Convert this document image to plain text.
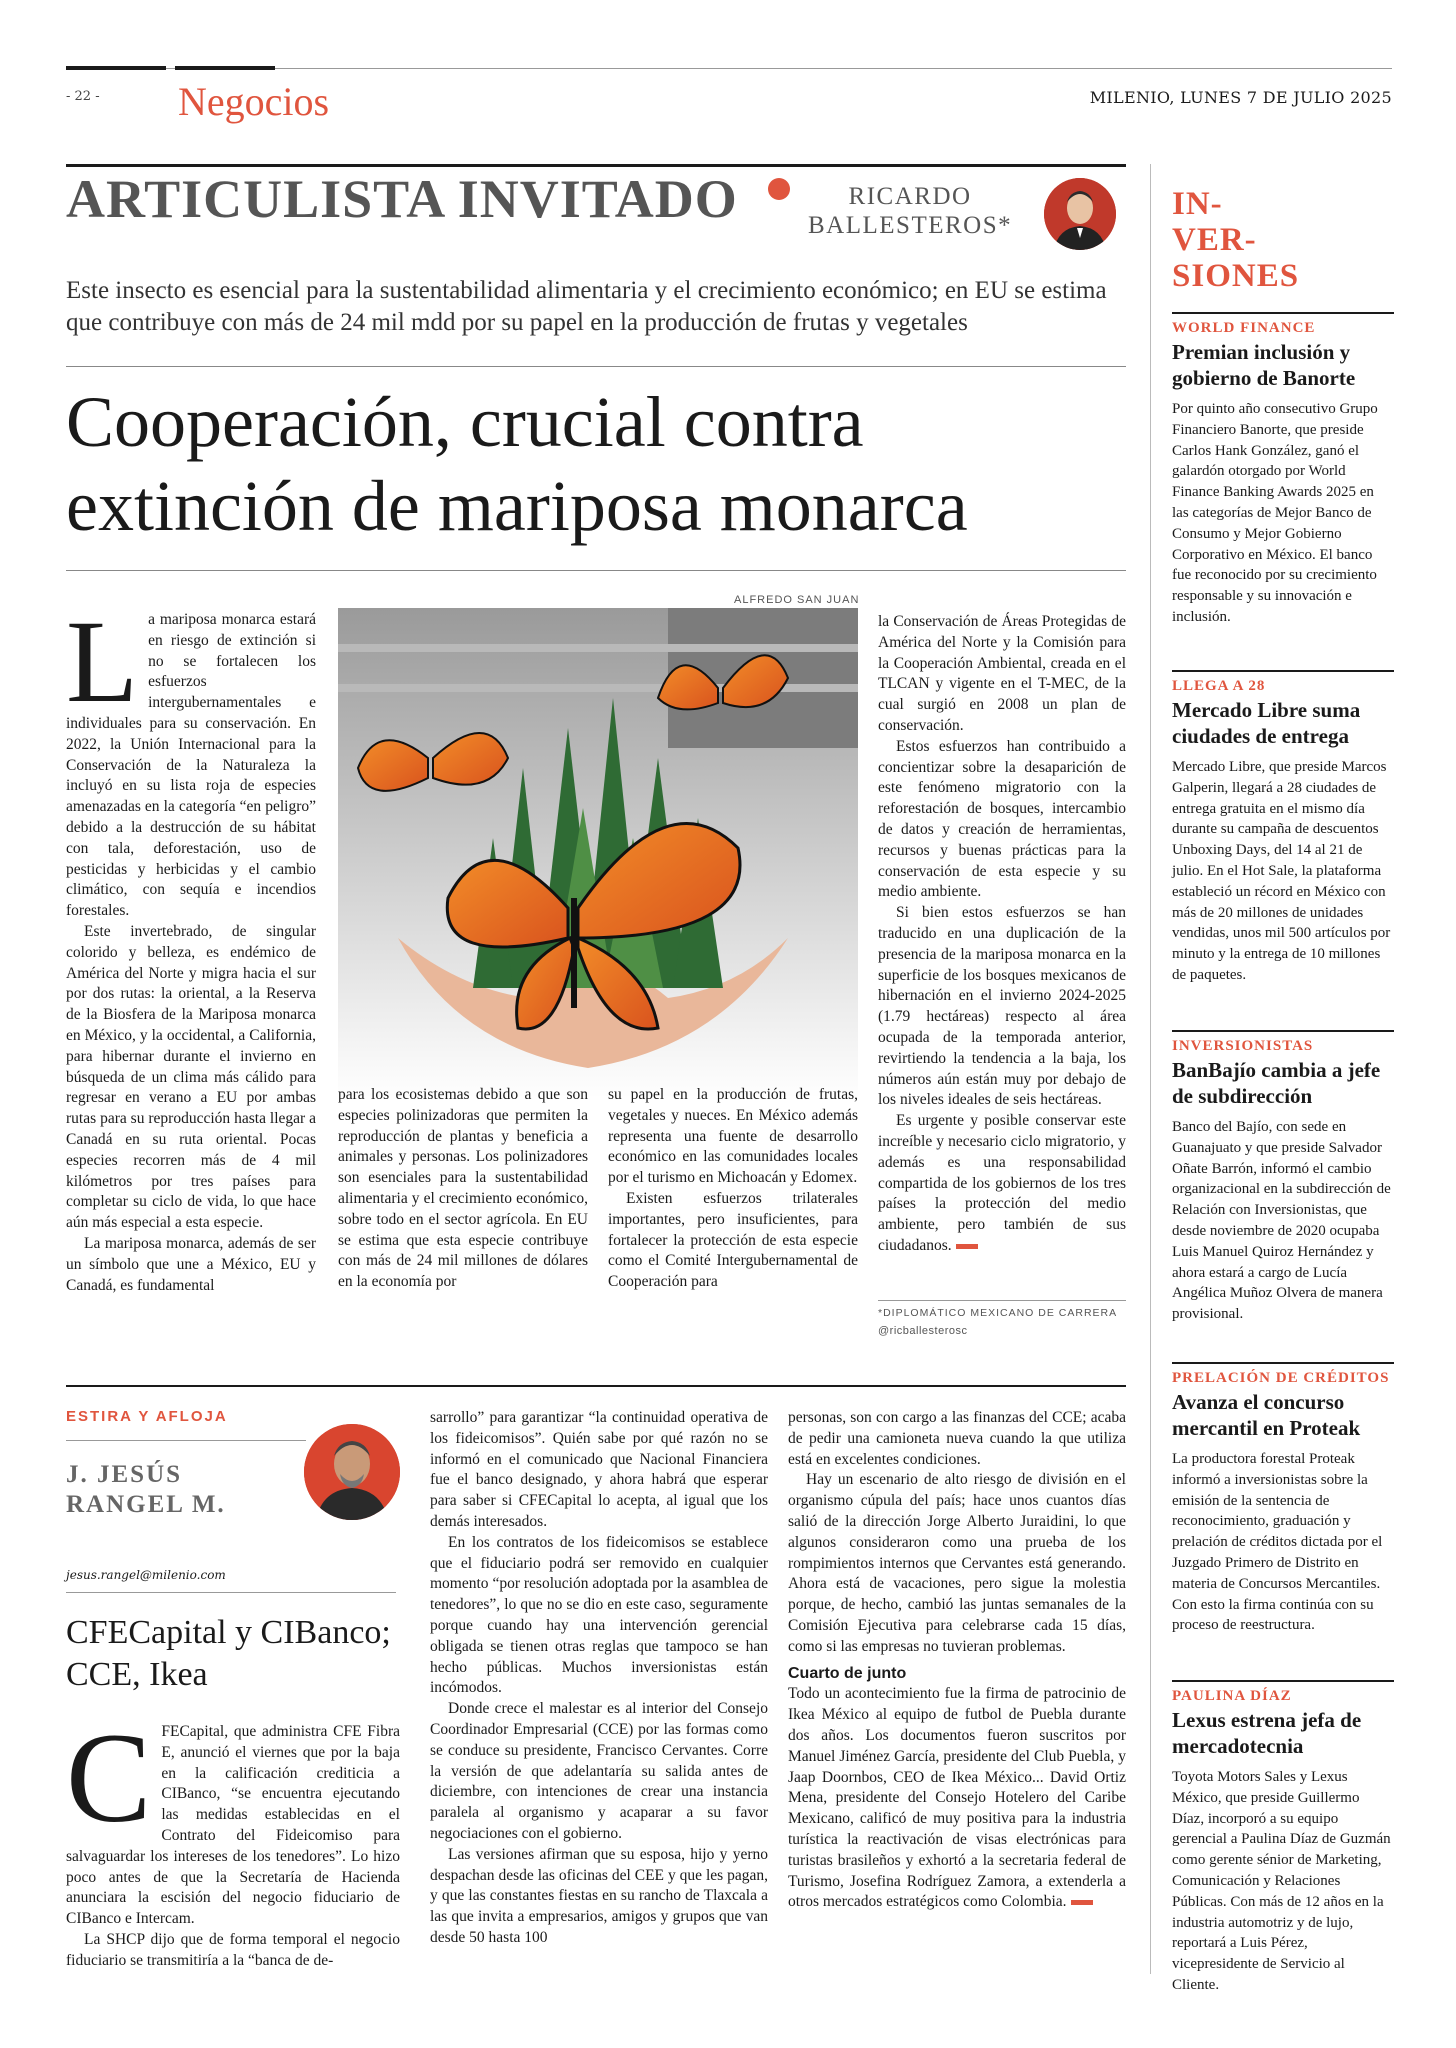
- 22 - Negocios	MILENIO, LUNES 7 DE JULIO 2025
ARTICULISTA INVITADO	RICARDO
BALLESTEROS*
Este insecto es esencial para la sustentabilidad alimentaria y el crecimiento económico; en EU se estima que contribuye con más de 24 mil mdd por su papel en la producción de frutas y vegetales
Cooperación, crucial contra extinción de mariposa monarca
ALFREDO SAN JUAN

La mariposa monarca estará en riesgo de extinción si no se fortalecen los esfuerzos intergubernamentales e individuales para su conservación. En 2022, la Unión Internacional para la Conservación de la Naturaleza la incluyó en su lista roja de especies amenazadas en la categoría “en peligro” debido a la destrucción de su hábitat con tala, deforestación, uso de pesticidas y herbicidas y el cambio climático, con sequía e incendios forestales.

Este invertebrado, de singular colorido y belleza, es endémico de América del Norte y migra hacia el sur por dos rutas: la oriental, a la Reserva de la Biosfera de la Mariposa monarca en México, y la occidental, a California, para hibernar durante el invierno en búsqueda de un clima más cálido para regresar en verano a EU por ambas rutas para su reproducción hasta llegar a Canadá en su ruta oriental. Pocas especies recorren más de 4 mil kilómetros por tres países para completar su ciclo de vida, lo que hace aún más especial a esta especie.

La mariposa monarca, además de ser un símbolo que une a México, EU y Canadá, es fundamental

para los ecosistemas debido a que son especies polinizadoras que permiten la reproducción de plantas y beneficia a animales y personas. Los polinizadores son esenciales para la sustentabilidad alimentaria y el crecimiento económico, sobre todo en el sector agrícola. En EU se estima que esta especie contribuye con más de 24 mil millones de dólares en la economía por

su papel en la producción de frutas, vegetales y nueces. En México además representa una fuente de desarrollo económico en las comunidades locales por el turismo en Michoacán y Edomex.

Existen esfuerzos trilaterales importantes, pero insuficientes, para fortalecer la protección de esta especie como el Comité Intergubernamental de Cooperación para

la Conservación de Áreas Protegidas de América del Norte y la Comisión para la Cooperación Ambiental, creada en el TLCAN y vigente en el T-MEC, de la cual surgió en 2008 un plan de conservación.

Estos esfuerzos han contribuido a concientizar sobre la desaparición de este fenómeno migratorio con la reforestación de bosques, intercambio de datos y creación de herramientas, recursos y buenas prácticas para la conservación de esta especie y su medio ambiente.

Si bien estos esfuerzos se han traducido en una duplicación de la presencia de la mariposa monarca en la superficie de los bosques mexicanos de hibernación en el invierno 2024-2025 (1.79 hectáreas) respecto al área ocupada de la temporada anterior, revirtiendo la tendencia a la baja, los números aún están muy por debajo de los niveles ideales de seis hectáreas.

Es urgente y posible conservar este increíble y necesario ciclo migratorio, y además es una responsabilidad compartida de los gobiernos de los tres países la protección del medio ambiente, pero también de sus ciudadanos.

*DIPLOMÁTICO MEXICANO DE CARRERA
@ricballesterosc
IN-
VER-
SIONES
WORLD FINANCE
Premian inclusión y gobierno de Banorte
Por quinto año consecutivo Grupo Financiero Banorte, que preside Carlos Hank González, ganó el galardón otorgado por World Finance Banking Awards 2025 en las categorías de Mejor Banco de Consumo y Mejor Gobierno Corporativo en México. El banco fue reconocido por su crecimiento responsable y su innovación e inclusión.
LLEGA A 28
Mercado Libre suma ciudades de entrega
Mercado Libre, que preside Marcos Galperin, llegará a 28 ciudades de entrega gratuita en el mismo día durante su campaña de descuentos Unboxing Days, del 14 al 21 de julio. En el Hot Sale, la plataforma estableció un récord en México con más de 20 millones de unidades vendidas, unos mil 500 artículos por minuto y la entrega de 10 millones de paquetes.
INVERSIONISTAS
BanBajío cambia a jefe de subdirección
Banco del Bajío, con sede en Guanajuato y que preside Salvador Oñate Barrón, informó el cambio organizacional en la subdirección de Relación con Inversionistas, que desde noviembre de 2020 ocupaba Luis Manuel Quiroz Hernández y ahora estará a cargo de Lucía Angélica Muñoz Olvera de manera provisional.
PRELACIÓN DE CRÉDITOS
Avanza el concurso mercantil en Proteak
La productora forestal Proteak informó a inversionistas sobre la emisión de la sentencia de reconocimiento, graduación y prelación de créditos dictada por el Juzgado Primero de Distrito en materia de Concursos Mercantiles. Con esto la firma continúa con su proceso de reestructura.
PAULINA DÍAZ
Lexus estrena jefa de mercadotecnia
Toyota Motors Sales y Lexus México, que preside Guillermo Díaz, incorporó a su equipo gerencial a Paulina Díaz de Guzmán como gerente sénior de Marketing, Comunicación y Relaciones Públicas. Con más de 12 años en la industria automotriz y de lujo, reportará a Luis Pérez, vicepresidente de Servicio al Cliente.
ESTIRA Y AFLOJA
J. JESÚS
RANGEL M.
jesus.rangel@milenio.com
CFECapital y CIBanco; CCE, Ikea

C FECapital, que administra CFE Fibra E, anunció el viernes que por la baja en la calificación crediticia a CIBanco, “se encuentra ejecutando las medidas establecidas en el Contrato del Fideicomiso para salvaguardar los intereses de los tenedores”. Lo hizo poco antes de que la Secretaría de Hacienda anunciara la escisión del negocio fiduciario de CIBanco e Intercam.

La SHCP dijo que de forma temporal el negocio fiduciario se transmitiría a la “banca de de-

sarrollo” para garantizar “la continuidad operativa de los fideicomisos”. Quién sabe por qué razón no se informó en el comunicado que Nacional Financiera fue el banco designado, y ahora habrá que esperar para saber si CFECapital lo acepta, al igual que los demás interesados.

En los contratos de los fideicomisos se establece que el fiduciario podrá ser removido en cualquier momento “por resolución adoptada por la asamblea de tenedores”, lo que no se dio en este caso, seguramente porque cuando hay una intervención gerencial obligada se tienen otras reglas que tampoco se han hecho públicas. Muchos inversionistas están incómodos.

Donde crece el malestar es al interior del Consejo Coordinador Empresarial (CCE) por las formas como se conduce su presidente, Francisco Cervantes. Corre la versión de que adelantaría su salida antes de diciembre, con intenciones de crear una instancia paralela al organismo y acaparar a su favor negociaciones con el gobierno.

Las versiones afirman que su esposa, hijo y yerno despachan desde las oficinas del CEE y que les pagan, y que las constantes fiestas en su rancho de Tlaxcala a las que invita a empresarios, amigos y grupos que van desde 50 hasta 100

personas, son con cargo a las finanzas del CCE; acaba de pedir una camioneta nueva cuando la que utiliza está en excelentes condiciones.

Hay un escenario de alto riesgo de división en el organismo cúpula del país; hace unos cuantos días salió de la dirección Jorge Alberto Juraidini, lo que algunos consideraron como una prueba de los rompimientos internos que Cervantes está generando. Ahora está de vacaciones, pero sigue la molestia porque, de hecho, cambió las juntas semanales de la Comisión Ejecutiva para celebrarse cada 15 días, como si las empresas no tuvieran problemas.

Cuarto de junto

Todo un acontecimiento fue la firma de patrocinio de Ikea México al equipo de futbol de Puebla durante dos años. Los documentos fueron suscritos por Manuel Jiménez García, presidente del Club Puebla, y Jaap Doornbos, CEO de Ikea México... David Ortiz Mena, presidente del Consejo Hotelero del Caribe Mexicano, calificó de muy positiva para la industria turística la reactivación de visas electrónicas para turistas brasileños y exhortó a la secretaria federal de Turismo, Josefina Rodríguez Zamora, a extenderla a otros mercados estratégicos como Colombia.
